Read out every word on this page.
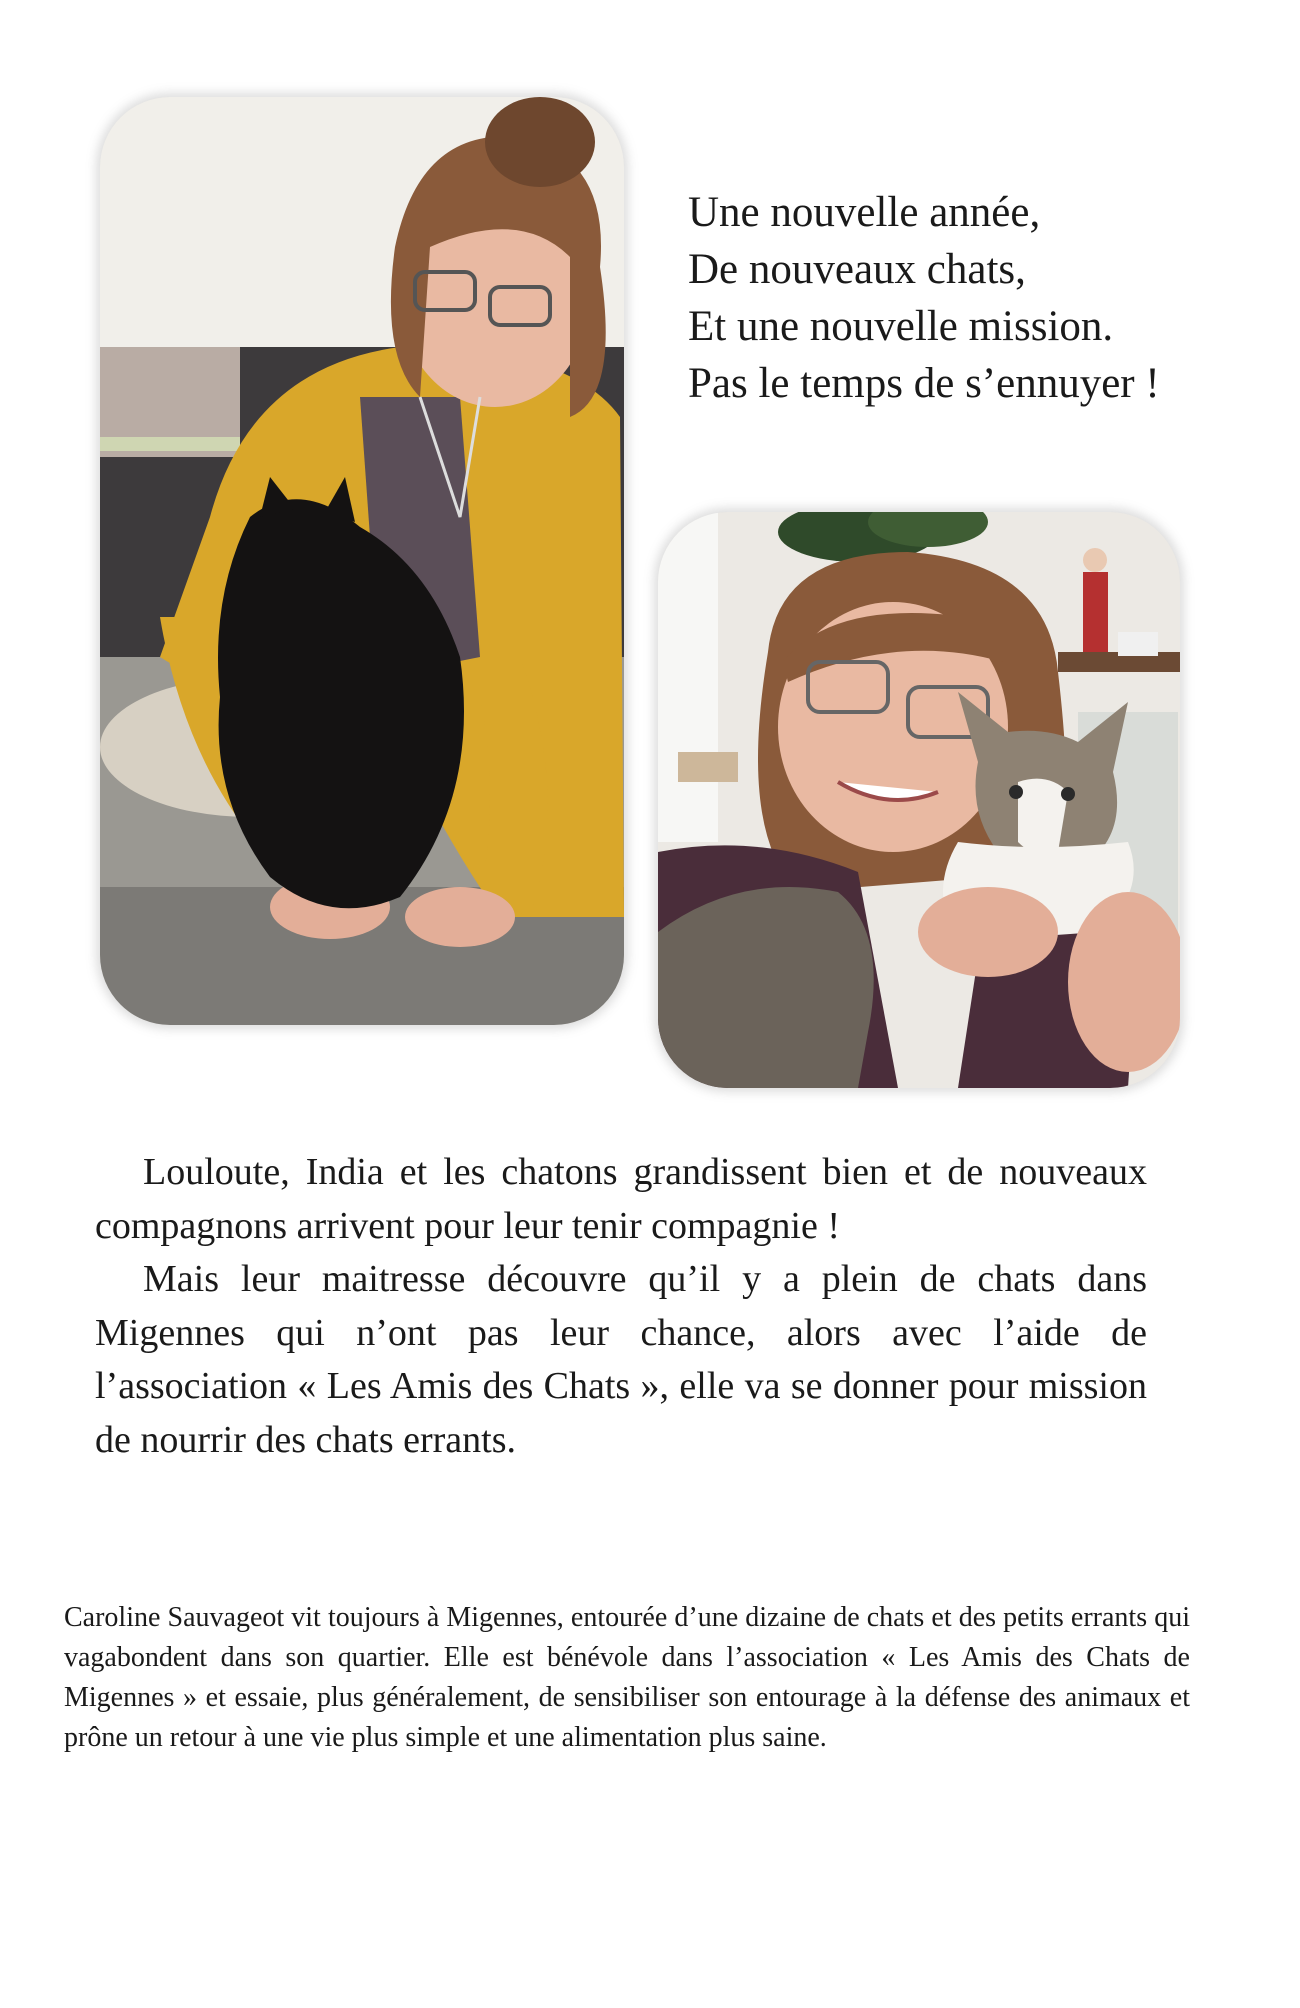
Une nouvelle année,
De nouveaux chats,
Et une nouvelle mission.
Pas le temps de s’ennuyer !

Louloute, India et les chatons grandissent bien et de nouveaux compagnons arrivent pour leur tenir compagnie !

Mais leur maitresse découvre qu’il y a plein de chats dans Migennes qui n’ont pas leur chance, alors avec l’aide de l’association « Les Amis des Chats », elle va se donner pour mission de nourrir des chats errants.

Caroline Sauvageot vit toujours à Migennes, entourée d’une dizaine de chats et des petits errants qui vagabondent dans son quartier. Elle est bénévole dans l’association « Les Amis des Chats de Migennes » et essaie, plus généralement, de sensibiliser son entourage à la défense des animaux et prône un retour à une vie plus simple et une alimentation plus saine.
